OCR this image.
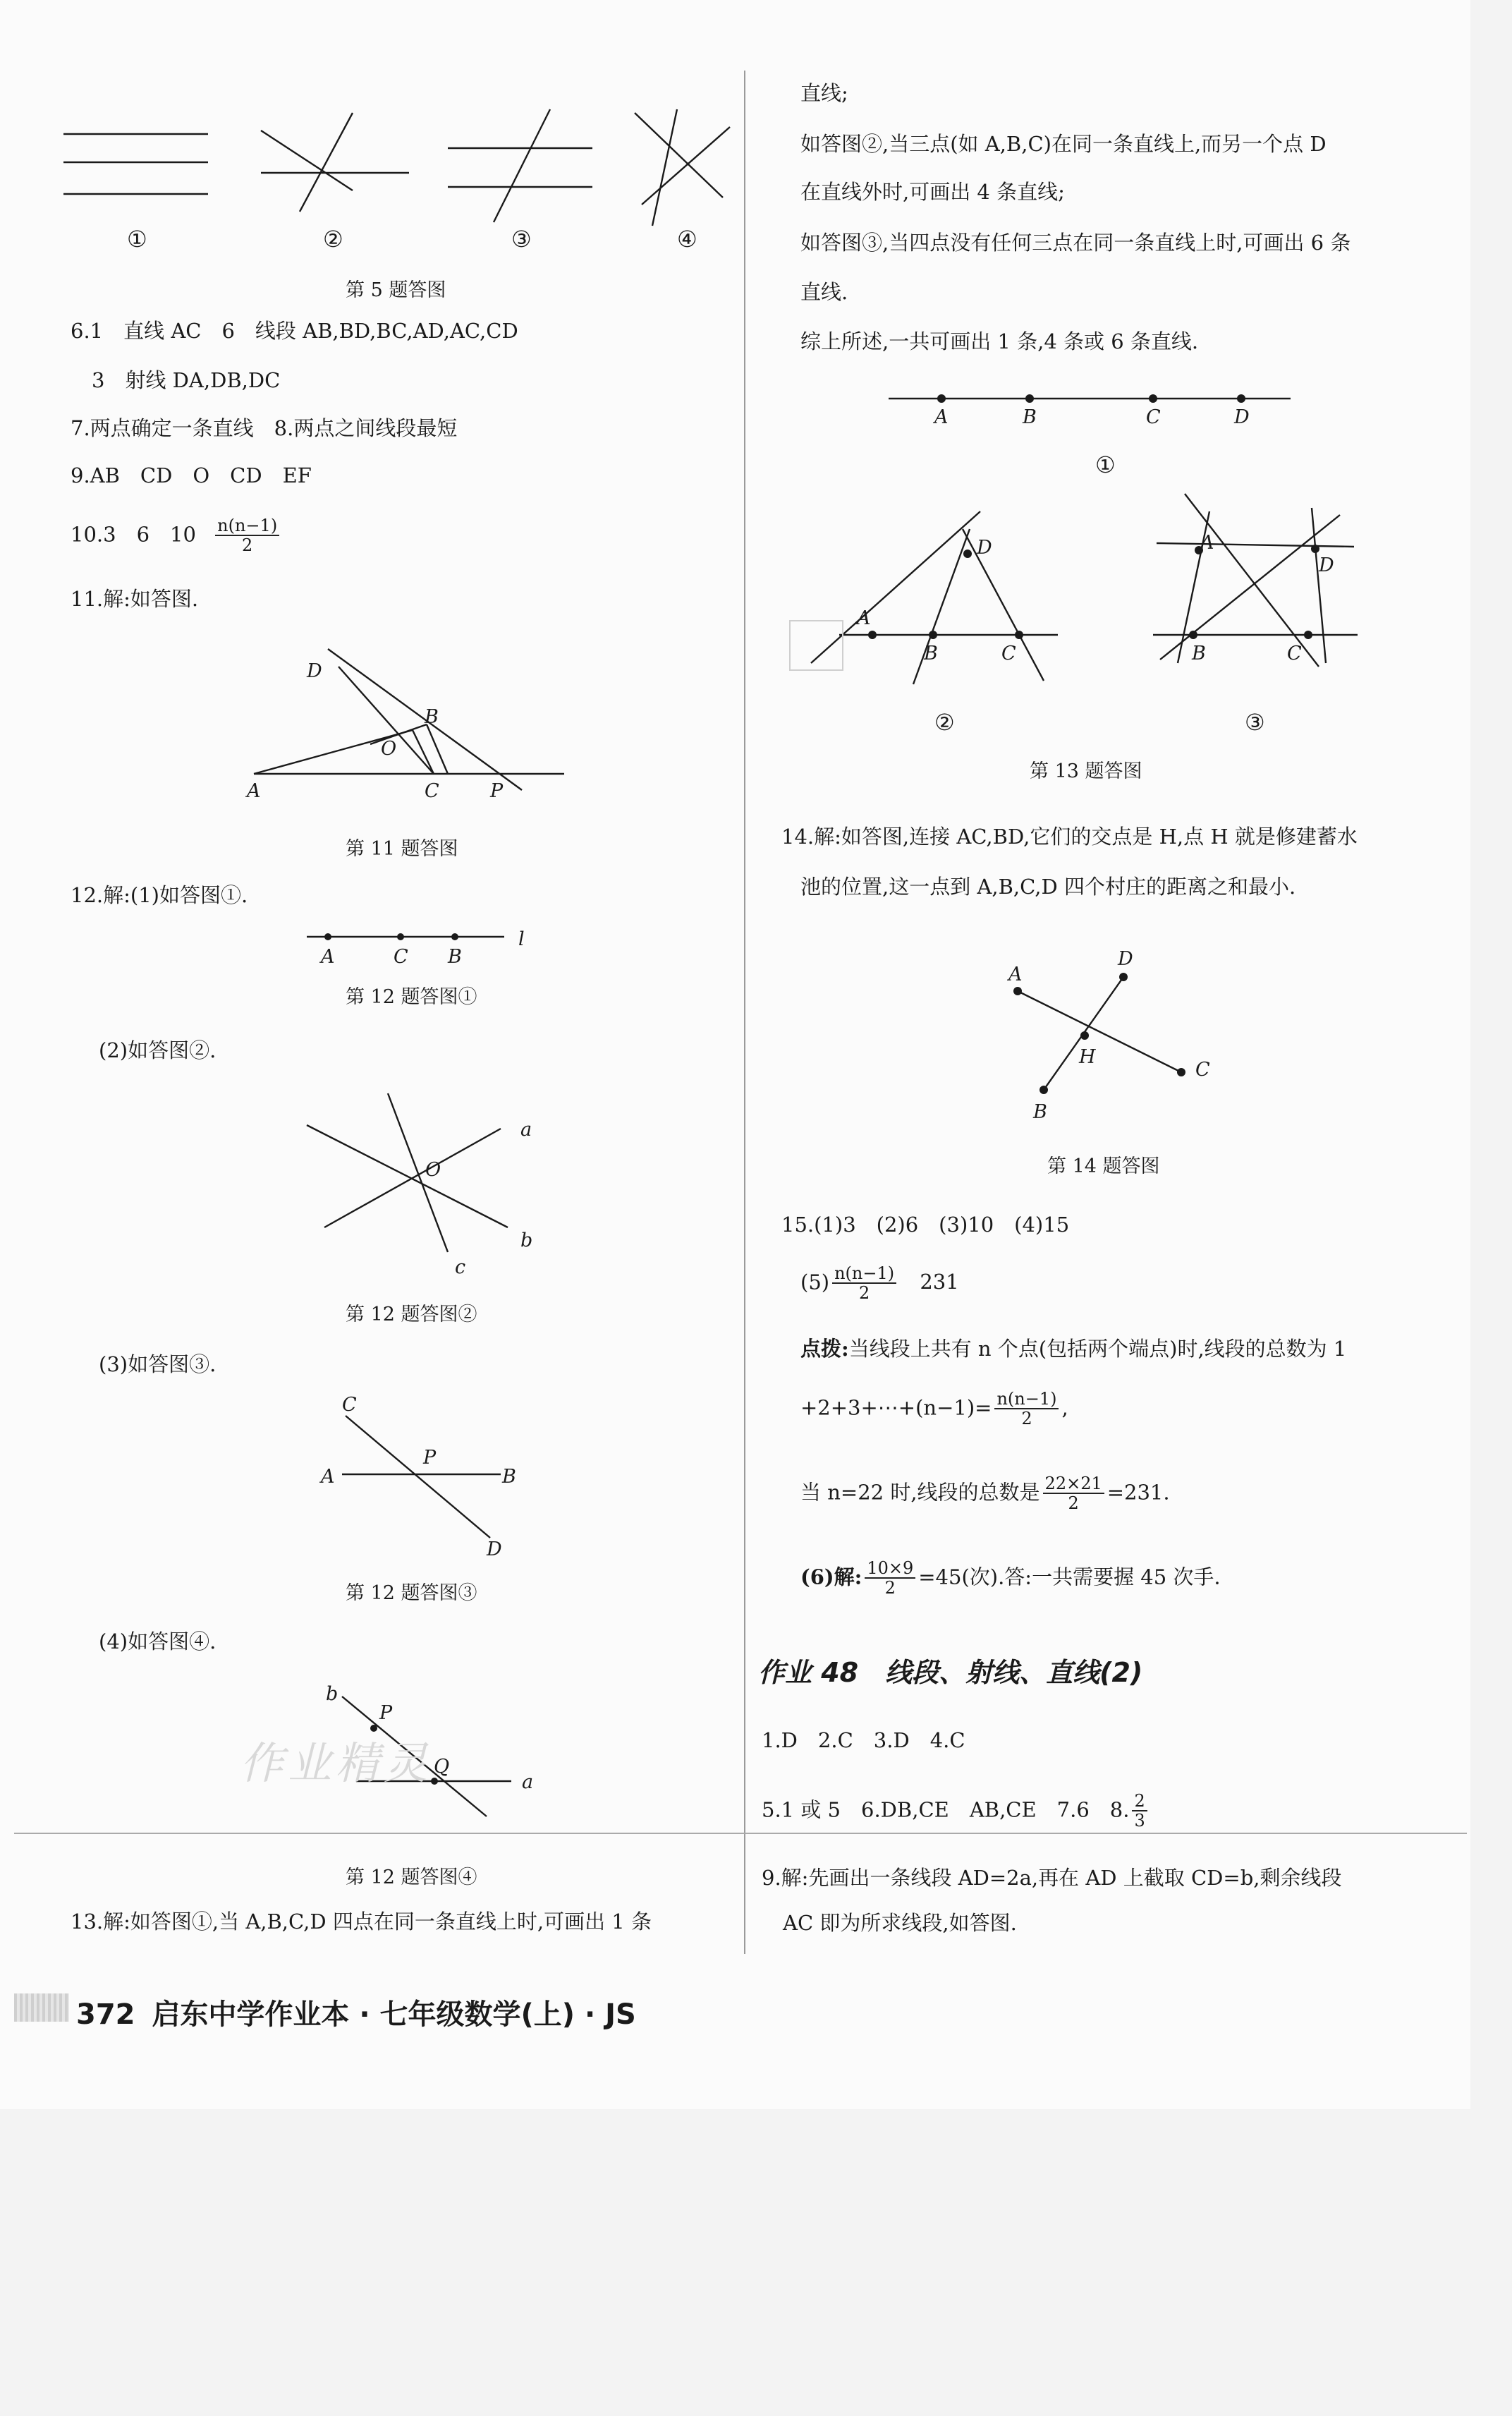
①	②	③	④
第 5 题答图
6.1　直线 AC　6　线段 AB,BD,BC,AD,AC,CD
3　射线 DA,DB,DC
7.两点确定一条直线　8.两点之间线段最短
9.AB　CD　O　CD　EF
10.3　6　$10 \frac{n(n-1)}{2}$
11.解:如答图.
D
B
O
A	C	P
第 11 题答图
12.解:(1)如答图①.
A	C B
l
第 12 题答图①
(2)如答图②.
a
O
b
c
第 12 题答图②
(3)如答图③.
C
P
A	B
D
第 12 题答图③
(4)如答图④.
b
P
Q
a
作业精灵
第 12 题答图④
13.解:如答图①,当 A,B,C,D 四点在同一条直线上时,可画出 1 条
直线;
如答图②,当三点(如 A,B,C)在同一条直线上,而另一个点 D
在直线外时,可画出 4 条直线;
如答图③,当四点没有任何三点在同一条直线上时,可画出 6 条
直线.
综上所述,一共可画出 1 条,4 条或 6 条直线.
A	B	C	D
①
D
A
B	C
②
A
D
B	C
③
第 13 题答图
14.解:如答图,连接 AC,BD,它们的交点是 H,点 H 就是修建蓄水
池的位置,这一点到 A,B,C,D 四个村庄的距离之和最小.
D
A
H
C
B
第 14 题答图
15.(1)3　(2)6　(3)10　(4)15
$(5) \frac{n(n-1)}{2} 231$
点拨:当线段上共有 n 个点(包括两个端点)时,线段的总数为 1
+2+3+⋯+(n−1)= $\frac{n(n-1)}{2}$ ,
当 n=22 时,线段的总数是 $\frac{22\times 21}{2} =231$.
(6)解: $\frac{10\times 9}{2} =45$(次).答:一共需要握 45 次手.
作业 48　线段、射线、直线(2)
1.D　2.C　3.D　4.C
5.1 或 5　6.DB,CE　AB,CE　7.6　8. $\frac{2}{3}$
9.解:先画出一条线段 AD=2a,再在 AD 上截取 CD=b,剩余线段
AC 即为所求线段,如答图.
372 启东中学作业本 · 七年级数学(上) · JS
